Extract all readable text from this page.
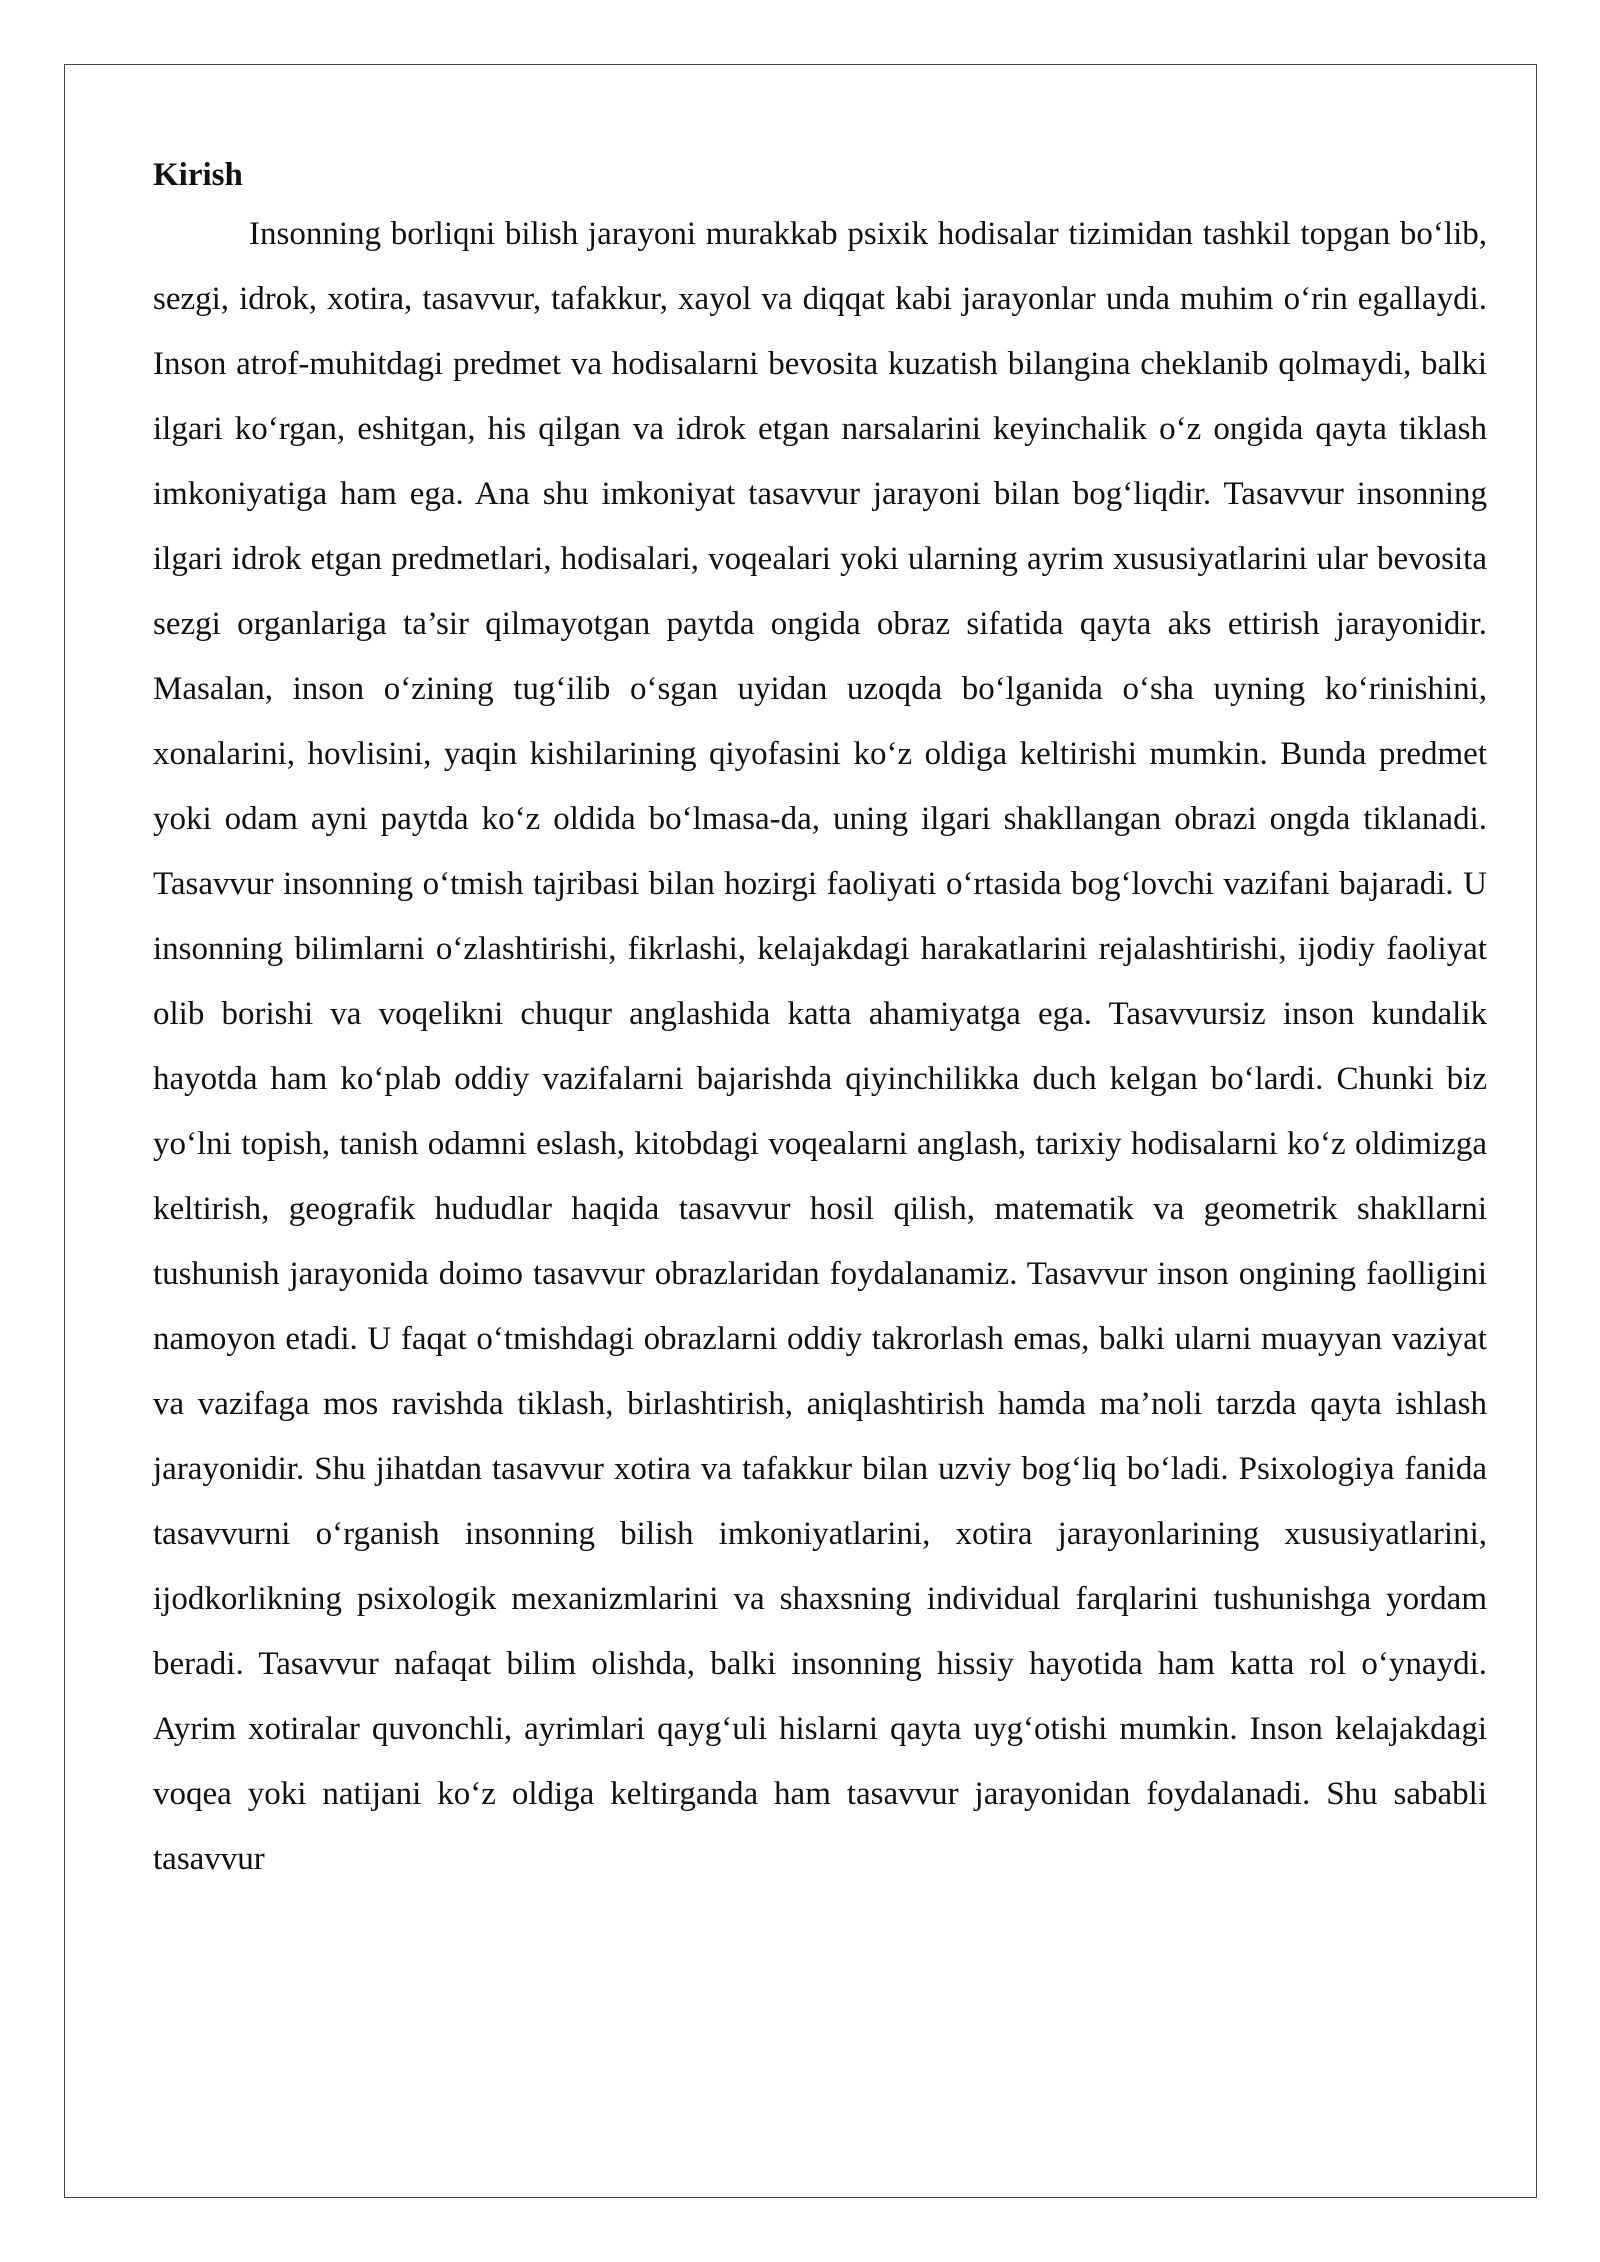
Kirish

Insonning borliqni bilish jarayoni murakkab psixik hodisalar tizimidan tashkil topgan bo‘lib, sezgi, idrok, xotira, tasavvur, tafakkur, xayol va diqqat kabi jarayonlar unda muhim o‘rin egallaydi. Inson atrof-muhitdagi predmet va hodisalarni bevosita kuzatish bilangina cheklanib qolmaydi, balki ilgari ko‘rgan, eshitgan, his qilgan va idrok etgan narsalarini keyinchalik o‘z ongida qayta tiklash imkoniyatiga ham ega. Ana shu imkoniyat tasavvur jarayoni bilan bog‘liqdir. Tasavvur insonning ilgari idrok etgan predmetlari, hodisalari, voqealari yoki ularning ayrim xususiyatlarini ular bevosita sezgi organlariga ta’sir qilmayotgan paytda ongida obraz sifatida qayta aks ettirish jarayonidir. Masalan, inson o‘zining tug‘ilib o‘sgan uyidan uzoqda bo‘lganida o‘sha uyning ko‘rinishini, xonalarini, hovlisini, yaqin kishilarining qiyofasini ko‘z oldiga keltirishi mumkin. Bunda predmet yoki odam ayni paytda ko‘z oldida bo‘lmasa-da, uning ilgari shakllangan obrazi ongda tiklanadi. Tasavvur insonning o‘tmish tajribasi bilan hozirgi faoliyati o‘rtasida bog‘lovchi vazifani bajaradi. U insonning bilimlarni o‘zlashtirishi, fikrlashi, kelajakdagi harakatlarini rejalashtirishi, ijodiy faoliyat olib borishi va voqelikni chuqur anglashida katta ahamiyatga ega. Tasavvursiz inson kundalik hayotda ham ko‘plab oddiy vazifalarni bajarishda qiyinchilikka duch kelgan bo‘lardi. Chunki biz yo‘lni topish, tanish odamni eslash, kitobdagi voqealarni anglash, tarixiy hodisalarni ko‘z oldimizga keltirish, geografik hududlar haqida tasavvur hosil qilish, matematik va geometrik shakllarni tushunish jarayonida doimo tasavvur obrazlaridan foydalanamiz. Tasavvur inson ongining faolligini namoyon etadi. U faqat o‘tmishdagi obrazlarni oddiy takrorlash emas, balki ularni muayyan vaziyat va vazifaga mos ravishda tiklash, birlashtirish, aniqlashtirish hamda ma’noli tarzda qayta ishlash jarayonidir. Shu jihatdan tasavvur xotira va tafakkur bilan uzviy bog‘liq bo‘ladi. Psixologiya fanida tasavvurni o‘rganish insonning bilish imkoniyatlarini, xotira jarayonlarining xususiyatlarini, ijodkorlikning psixologik mexanizmlarini va shaxsning individual farqlarini tushunishga yordam beradi. Tasavvur nafaqat bilim olishda, balki insonning hissiy hayotida ham katta rol o‘ynaydi. Ayrim xotiralar quvonchli, ayrimlari qayg‘uli hislarni qayta uyg‘otishi mumkin. Inson kelajakdagi voqea yoki natijani ko‘z oldiga keltirganda ham tasavvur jarayonidan foydalanadi. Shu sababli tasavvur
